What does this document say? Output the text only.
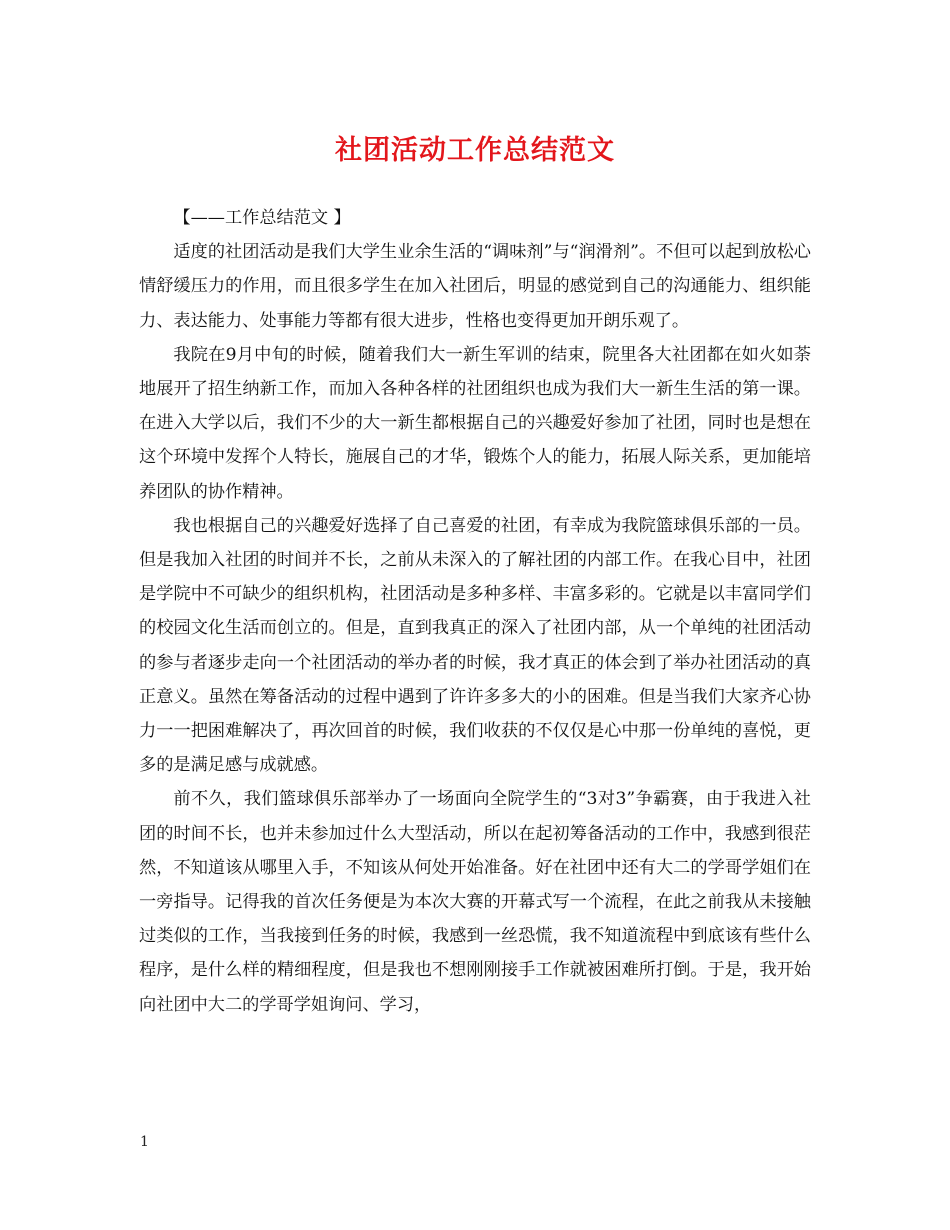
社团活动工作总结范文

【——工作总结范文 】

适度的社团活动是我们大学生业余生活的“调味剂”与“润滑剂”。不但可以起到放松心情舒缓压力的作用，而且很多学生在加入社团后，明显的感觉到自己的沟通能力、组织能力、表达能力、处事能力等都有很大进步，性格也变得更加开朗乐观了。

我院在9月中旬的时候，随着我们大一新生军训的结束，院里各大社团都在如火如荼地展开了招生纳新工作，而加入各种各样的社团组织也成为我们大一新生生活的第一课。在进入大学以后，我们不少的大一新生都根据自己的兴趣爱好参加了社团，同时也是想在这个环境中发挥个人特长，施展自己的才华，锻炼个人的能力，拓展人际关系，更加能培养团队的协作精神。

我也根据自己的兴趣爱好选择了自己喜爱的社团，有幸成为我院篮球俱乐部的一员。但是我加入社团的时间并不长，之前从未深入的了解社团的内部工作。在我心目中，社团是学院中不可缺少的组织机构，社团活动是多种多样、丰富多彩的。它就是以丰富同学们的校园文化生活而创立的。但是，直到我真正的深入了社团内部，从一个单纯的社团活动的参与者逐步走向一个社团活动的举办者的时候，我才真正的体会到了举办社团活动的真正意义。虽然在筹备活动的过程中遇到了许许多多大的小的困难。但是当我们大家齐心协力一一把困难解决了，再次回首的时候，我们收获的不仅仅是心中那一份单纯的喜悦，更多的是满足感与成就感。

前不久，我们篮球俱乐部举办了一场面向全院学生的“3对3”争霸赛，由于我进入社团的时间不长，也并未参加过什么大型活动，所以在起初筹备活动的工作中，我感到很茫然，不知道该从哪里入手，不知该从何处开始准备。好在社团中还有大二的学哥学姐们在一旁指导。记得我的首次任务便是为本次大赛的开幕式写一个流程，在此之前我从未接触过类似的工作，当我接到任务的时候，我感到一丝恐慌，我不知道流程中到底该有些什么程序，是什么样的精细程度，但是我也不想刚刚接手工作就被困难所打倒。于是，我开始向社团中大二的学哥学姐询问、学习，

1
